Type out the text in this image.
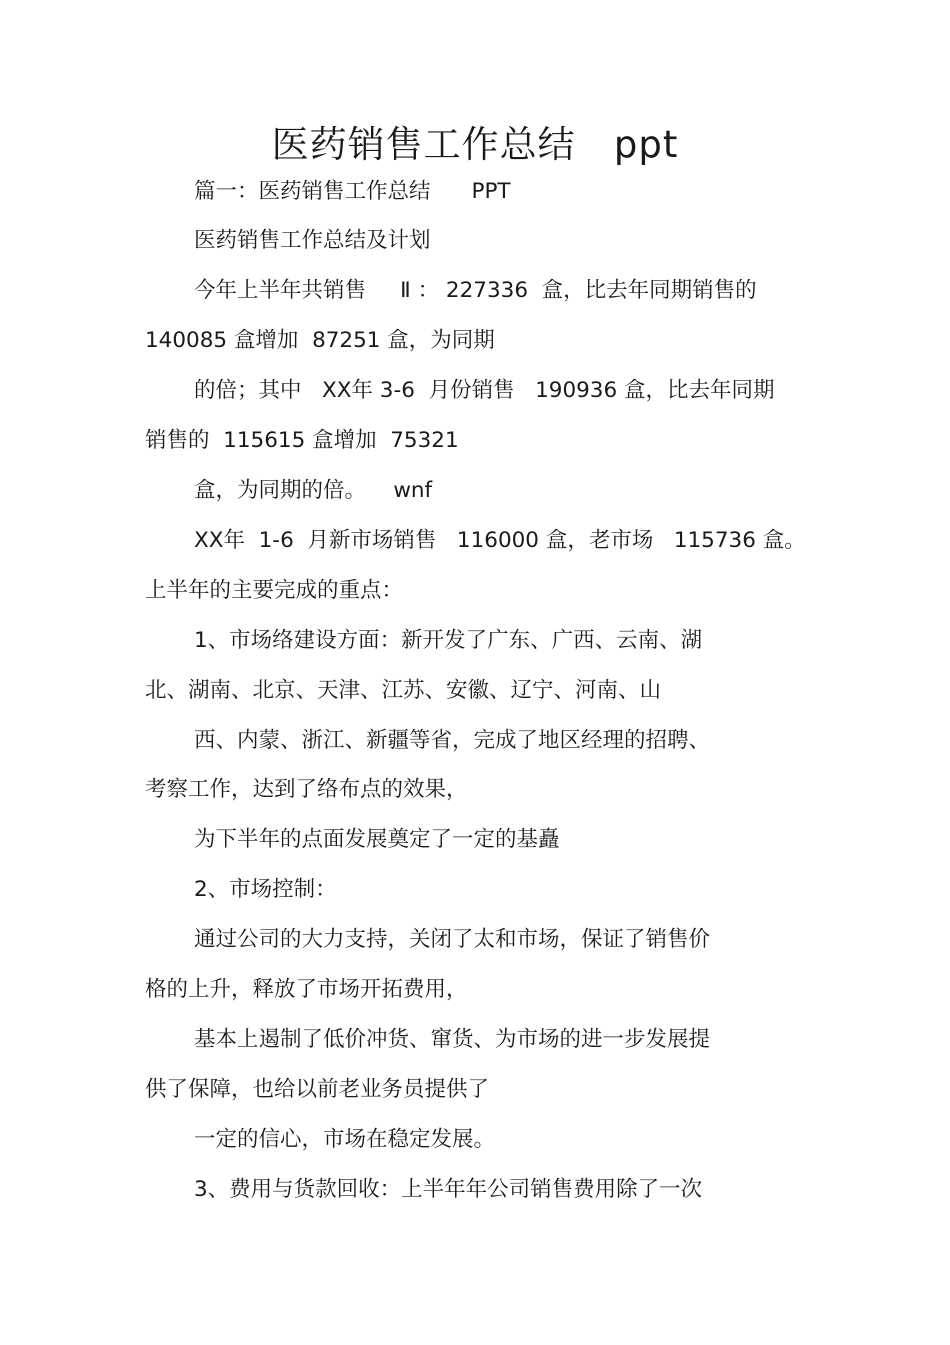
医药销售工作总结   ppt
篇一：医药销售工作总结      PPT
医药销售工作总结及计划
今年上半年共销售     Ⅱ ： 227336  盒，比去年同期销售的
140085 盒增加  87251 盒，为同期
的倍；其中   XX年 3-6  月份销售   190936 盒，比去年同期
销售的  115615 盒增加  75321
盒，为同期的倍。    wnf
XX年  1-6  月新市场销售   116000 盒，老市场   115736 盒。
上半年的主要完成的重点：
1、市场络建设方面：新开发了广东、广西、云南、湖
北、湖南、北京、天津、江苏、安徽、辽宁、河南、山
西、内蒙、浙江、新疆等省，完成了地区经理的招聘、
考察工作，达到了络布点的效果，
为下半年的点面发展奠定了一定的基矗
2、市场控制：
通过公司的大力支持，关闭了太和市场，保证了销售价
格的上升，释放了市场开拓费用，
基本上遏制了低价冲货、窜货、为市场的进一步发展提
供了保障，也给以前老业务员提供了
一定的信心，市场在稳定发展。
3、费用与货款回收：上半年年公司销售费用除了一次
